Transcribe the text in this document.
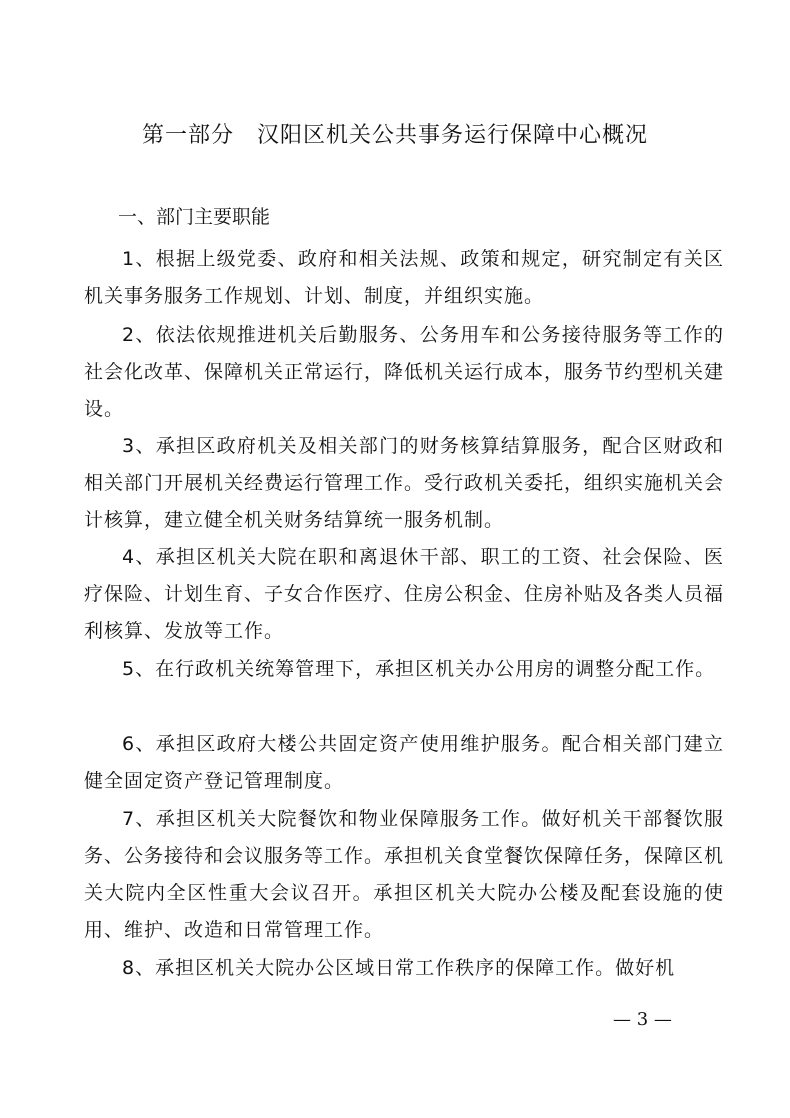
第一部分　汉阳区机关公共事务运行保障中心概况
一、部门主要职能

1、根据上级党委、政府和相关法规、政策和规定，研究制定有关区机关事务服务工作规划、计划、制度，并组织实施。

2、依法依规推进机关后勤服务、公务用车和公务接待服务等工作的社会化改革、保障机关正常运行，降低机关运行成本，服务节约型机关建设。

3、承担区政府机关及相关部门的财务核算结算服务，配合区财政和相关部门开展机关经费运行管理工作。受行政机关委托，组织实施机关会计核算，建立健全机关财务结算统一服务机制。

4、承担区机关大院在职和离退休干部、职工的工资、社会保险、医疗保险、计划生育、子女合作医疗、住房公积金、住房补贴及各类人员福利核算、发放等工作。

5、在行政机关统筹管理下，承担区机关办公用房的调整分配工作。

6、承担区政府大楼公共固定资产使用维护服务。配合相关部门建立健全固定资产登记管理制度。

7、承担区机关大院餐饮和物业保障服务工作。做好机关干部餐饮服务、公务接待和会议服务等工作。承担机关食堂餐饮保障任务，保障区机关大院内全区性重大会议召开。承担区机关大院办公楼及配套设施的使用、维护、改造和日常管理工作。

8、承担区机关大院办公区域日常工作秩序的保障工作。做好机

— 3 —
